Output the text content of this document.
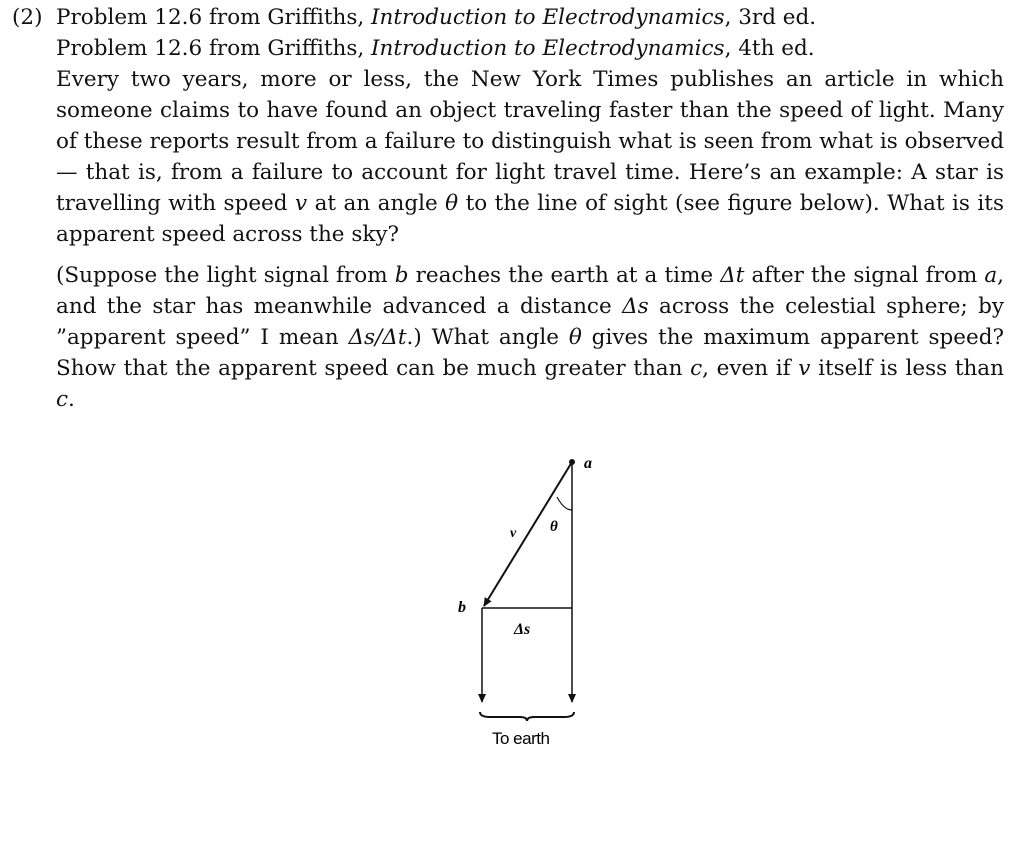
(2) Problem 12.6 from Griffiths, Introduction to Electrodynamics, 3rd ed.
Problem 12.6 from Griffiths, Introduction to Electrodynamics, 4th ed.
Every two years, more or less, the New York Times publishes an article in which someone claims to have found an object traveling faster than the speed of light. Many of these reports result from a failure to distinguish what is seen from what is observed — that is, from a failure to account for light travel time. Here’s an example: A star is travelling with speed v at an angle θ to the line of sight (see figure below). What is its apparent speed across the sky?
(Suppose the light signal from b reaches the earth at a time Δt after the signal from a, and the star has meanwhile advanced a distance Δs across the celestial sphere; by ”apparent speed” I mean Δs/Δt.) What angle θ gives the maximum apparent speed? Show that the apparent speed can be much greater than c, even if v itself is less than c.
a
b
v θ
Δs
To earth
